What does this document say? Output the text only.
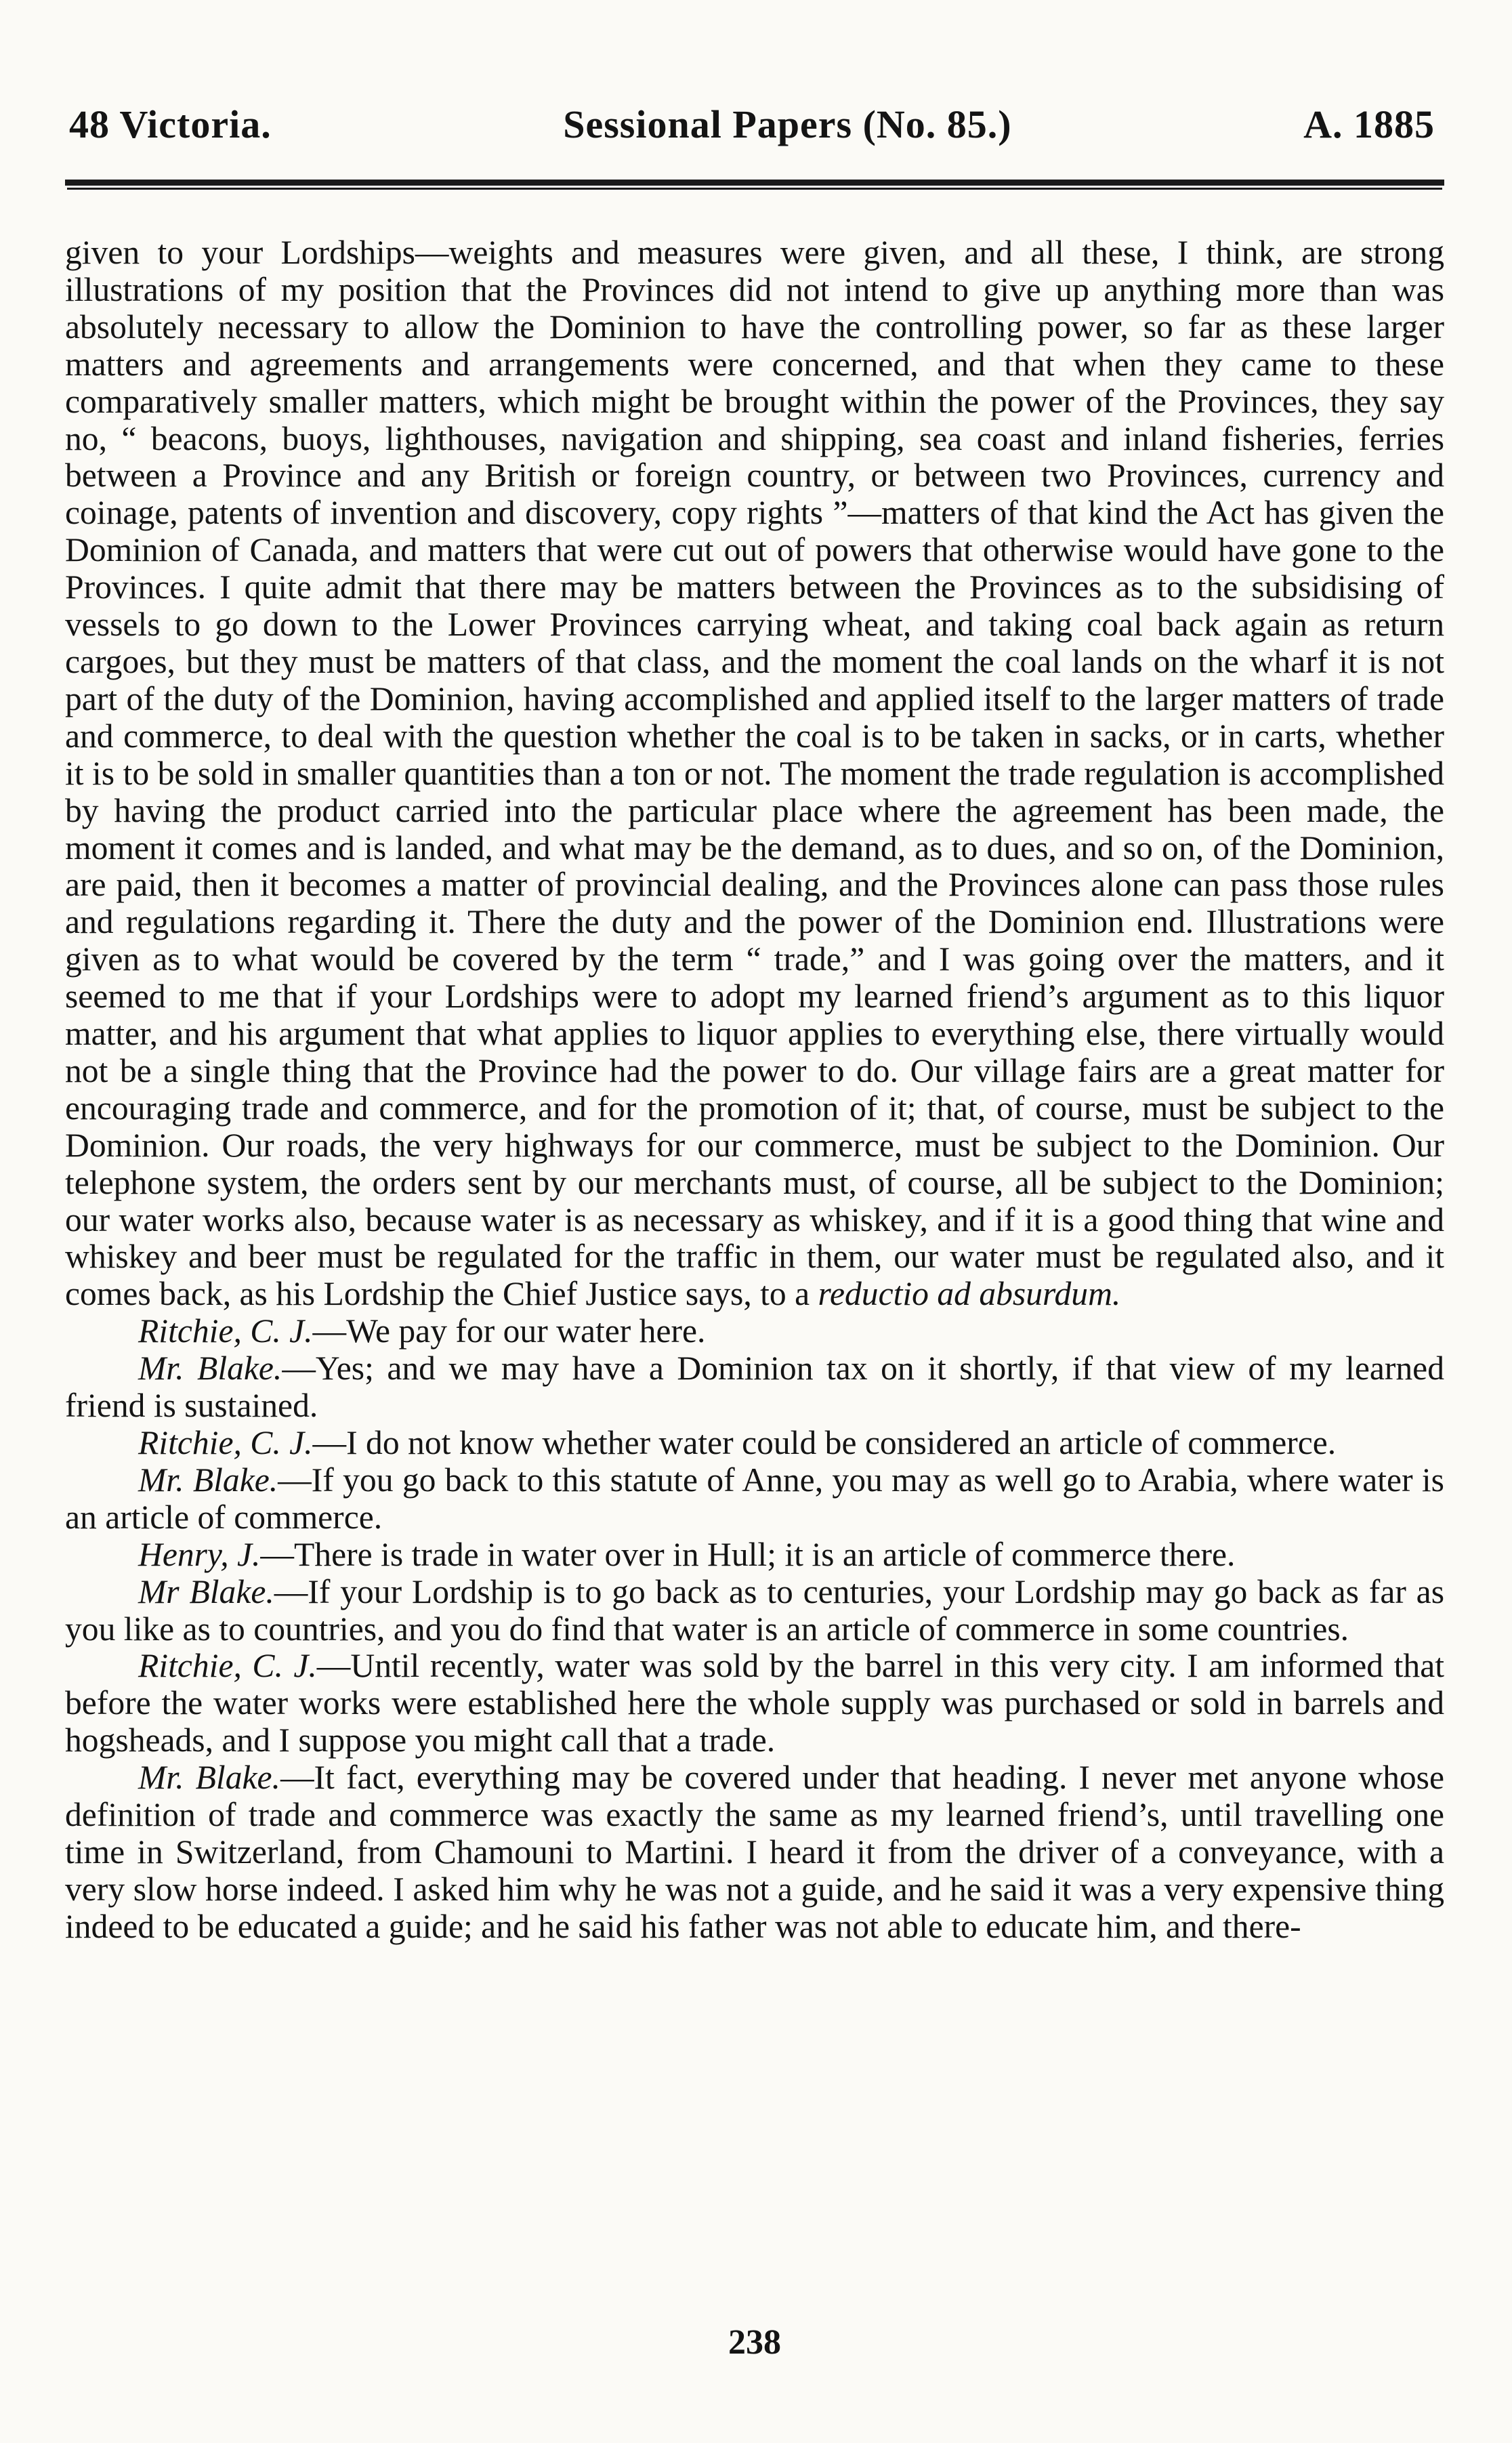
48 Victoria.	Sessional Papers (No. 85.)	A. 1885

given to your Lordships—weights and measures were given, and all these, I think, are strong illustrations of my position that the Provinces did not intend to give up anything more than was absolutely necessary to allow the Dominion to have the controlling power, so far as these larger matters and agreements and arrangements were concerned, and that when they came to these comparatively smaller matters, which might be brought within the power of the Provinces, they say no, “ beacons, buoys, lighthouses, navigation and shipping, sea coast and inland fisheries, ferries between a Province and any British or foreign country, or between two Provinces, currency and coinage, patents of invention and discovery, copy rights ”—matters of that kind the Act has given the Dominion of Canada, and matters that were cut out of powers that otherwise would have gone to the Provinces. I quite admit that there may be matters between the Provinces as to the subsidising of vessels to go down to the Lower Provinces carrying wheat, and taking coal back again as return cargoes, but they must be matters of that class, and the moment the coal lands on the wharf it is not part of the duty of the Dominion, having accomplished and applied itself to the larger matters of trade and commerce, to deal with the question whether the coal is to be taken in sacks, or in carts, whether it is to be sold in smaller quantities than a ton or not. The moment the trade regulation is accomplished by having the product carried into the particular place where the agreement has been made, the moment it comes and is landed, and what may be the demand, as to dues, and so on, of the Dominion, are paid, then it becomes a matter of provincial dealing, and the Provinces alone can pass those rules and regulations regarding it. There the duty and the power of the Dominion end. Illustrations were given as to what would be covered by the term “ trade,” and I was going over the matters, and it seemed to me that if your Lordships were to adopt my learned friend’s argument as to this liquor matter, and his argument that what applies to liquor applies to everything else, there virtually would not be a single thing that the Province had the power to do. Our village fairs are a great matter for encouraging trade and commerce, and for the promotion of it; that, of course, must be subject to the Dominion. Our roads, the very highways for our commerce, must be subject to the Dominion. Our telephone system, the orders sent by our merchants must, of course, all be subject to the Dominion; our water works also, because water is as necessary as whiskey, and if it is a good thing that wine and whiskey and beer must be regulated for the traffic in them, our water must be regulated also, and it comes back, as his Lordship the Chief Justice says, to a reductio ad absurdum.

Ritchie, C. J.—We pay for our water here.

Mr. Blake.—Yes; and we may have a Dominion tax on it shortly, if that view of my learned friend is sustained.

Ritchie, C. J.—I do not know whether water could be considered an article of commerce.

Mr. Blake.—If you go back to this statute of Anne, you may as well go to Arabia, where water is an article of commerce.

Henry, J.—There is trade in water over in Hull; it is an article of commerce there.

Mr Blake.—If your Lordship is to go back as to centuries, your Lordship may go back as far as you like as to countries, and you do find that water is an article of commerce in some countries.

Ritchie, C. J.—Until recently, water was sold by the barrel in this very city. I am informed that before the water works were established here the whole supply was purchased or sold in barrels and hogsheads, and I suppose you might call that a trade.

Mr. Blake.—It fact, everything may be covered under that heading. I never met anyone whose definition of trade and commerce was exactly the same as my learned friend’s, until travelling one time in Switzerland, from Chamouni to Martini. I heard it from the driver of a conveyance, with a very slow horse indeed. I asked him why he was not a guide, and he said it was a very expensive thing indeed to be educated a guide; and he said his father was not able to educate him, and there-

238
